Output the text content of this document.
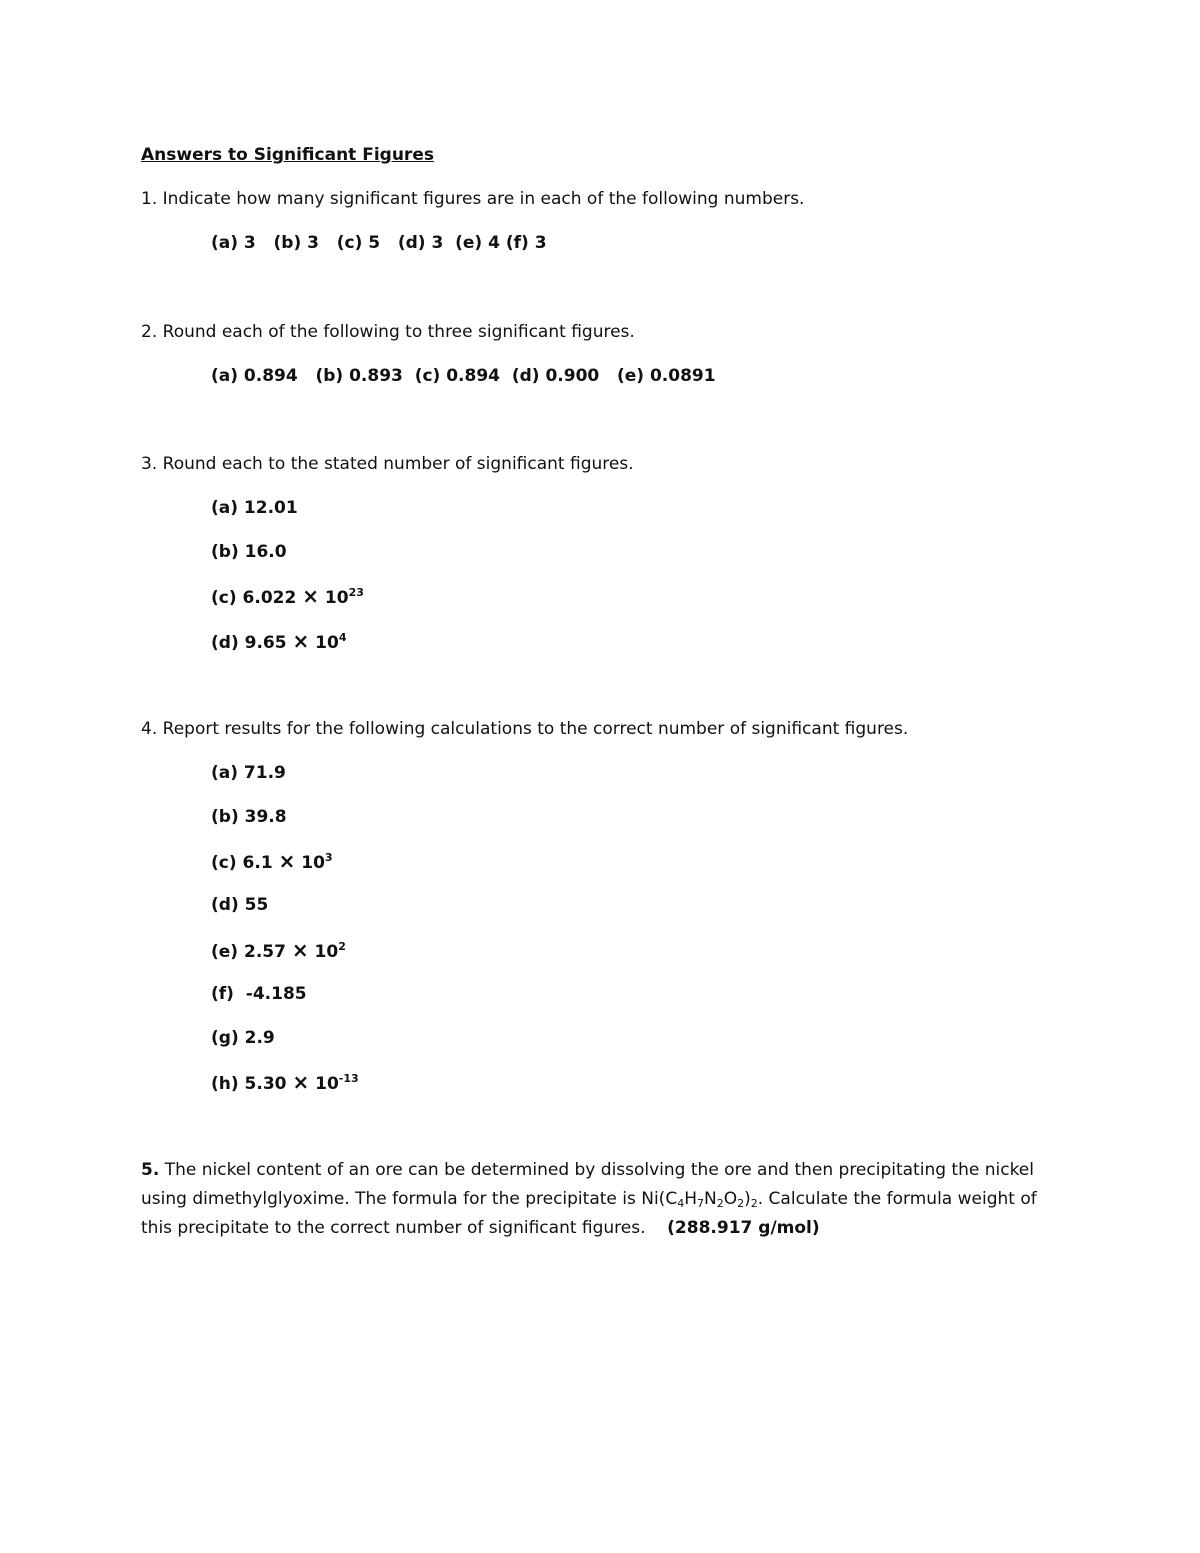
Answers to Significant Figures
1. Indicate how many significant figures are in each of the following numbers.
(a) 3   (b) 3   (c) 5   (d) 3  (e) 4 (f) 3
2. Round each of the following to three significant figures.
(a) 0.894   (b) 0.893  (c) 0.894  (d) 0.900   (e) 0.0891
3. Round each to the stated number of significant figures.
(a) 12.01
(b) 16.0
(c) $6.022 \times 10^{23}$
(d) $9.65 \times 10^4$
4. Report results for the following calculations to the correct number of significant figures.
(a) 71.9
(b) 39.8
(c) $6.1 \times 10^3$
(d) 55
(e) $2.57 \times 10^2$
(f)  -4.185
(g) 2.9
(h) $5.30 \times 10^{-13}$
5. The nickel content of an ore can be determined by dissolving the ore and then precipitating the nickel using dimethylglyoxime. The formula for the precipitate is $Ni(C_4H_7N_2O_2)_2$. Calculate the formula weight of this precipitate to the correct number of significant figures. (288.917 g/mol)
